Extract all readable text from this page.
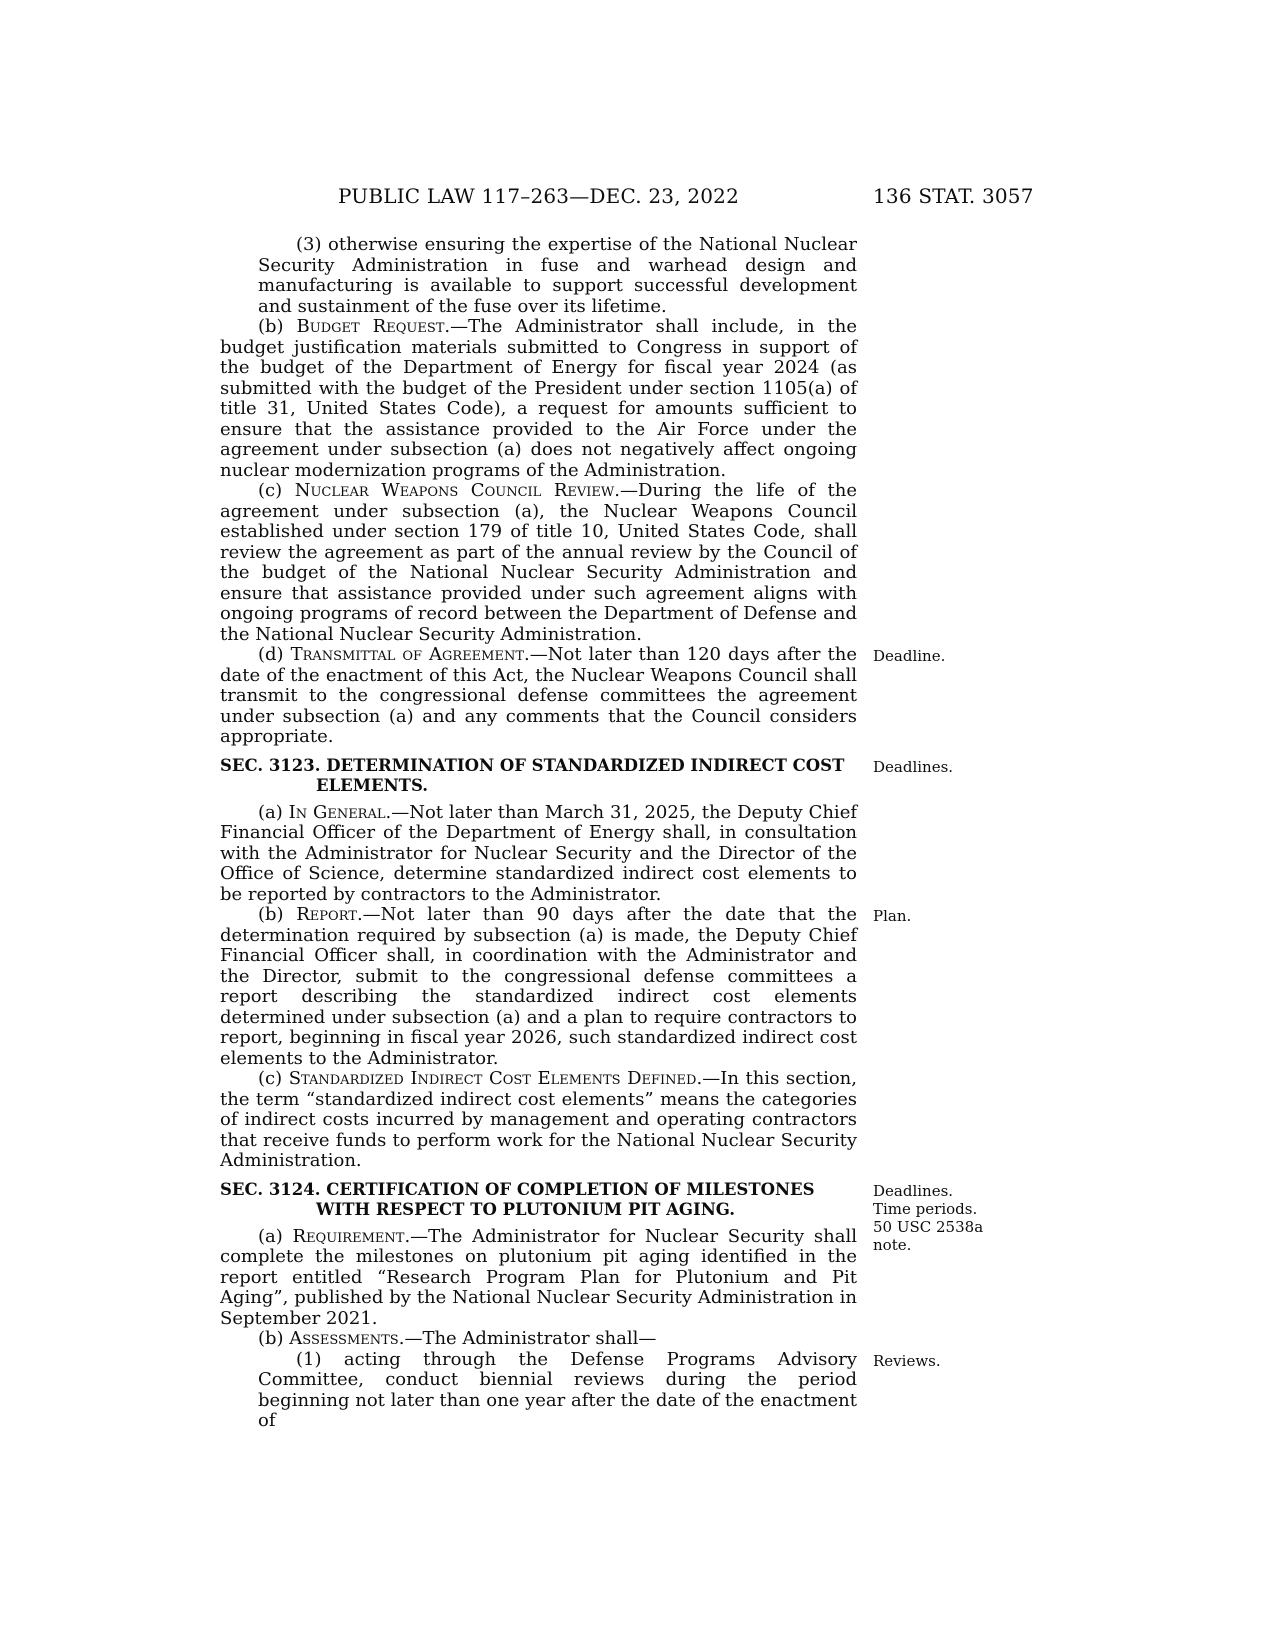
PUBLIC LAW 117–263—DEC. 23, 2022	136 STAT. 3057

(3) otherwise ensuring the expertise of the National Nuclear Security Administration in fuse and warhead design and manufacturing is available to support successful development and sustainment of the fuse over its lifetime.

(b) Budget Request.—The Administrator shall include, in the budget justification materials submitted to Congress in support of the budget of the Department of Energy for fiscal year 2024 (as submitted with the budget of the President under section 1105(a) of title 31, United States Code), a request for amounts sufficient to ensure that the assistance provided to the Air Force under the agreement under subsection (a) does not negatively affect ongoing nuclear modernization programs of the Administration.

(c) Nuclear Weapons Council Review.—During the life of the agreement under subsection (a), the Nuclear Weapons Council established under section 179 of title 10, United States Code, shall review the agreement as part of the annual review by the Council of the budget of the National Nuclear Security Administration and ensure that assistance provided under such agreement aligns with ongoing programs of record between the Department of Defense and the National Nuclear Security Administration.

(d) Transmittal of Agreement.—Not later than 120 days after the date of the enactment of this Act, the Nuclear Weapons Council shall transmit to the congressional defense committees the agreement under subsection (a) and any comments that the Council considers appropriate.

Deadline.
SEC. 3123. DETERMINATION OF STANDARDIZED INDIRECT COST ELEMENTS.
Deadlines.

(a) In General.—Not later than March 31, 2025, the Deputy Chief Financial Officer of the Department of Energy shall, in consultation with the Administrator for Nuclear Security and the Director of the Office of Science, determine standardized indirect cost elements to be reported by contractors to the Administrator.

(b) Report.—Not later than 90 days after the date that the determination required by subsection (a) is made, the Deputy Chief Financial Officer shall, in coordination with the Administrator and the Director, submit to the congressional defense committees a report describing the standardized indirect cost elements determined under subsection (a) and a plan to require contractors to report, beginning in fiscal year 2026, such standardized indirect cost elements to the Administrator.

Plan.

(c) Standardized Indirect Cost Elements Defined.—In this section, the term “standardized indirect cost elements” means the categories of indirect costs incurred by management and operating contractors that receive funds to perform work for the National Nuclear Security Administration.

SEC. 3124. CERTIFICATION OF COMPLETION OF MILESTONES WITH RESPECT TO PLUTONIUM PIT AGING.
Deadlines.
Time periods.
50 USC 2538a note.

(a) Requirement.—The Administrator for Nuclear Security shall complete the milestones on plutonium pit aging identified in the report entitled “Research Program Plan for Plutonium and Pit Aging”, published by the National Nuclear Security Administration in September 2021.

(b) Assessments.—The Administrator shall—

(1) acting through the Defense Programs Advisory Committee, conduct biennial reviews during the period beginning not later than one year after the date of the enactment of

Reviews.
